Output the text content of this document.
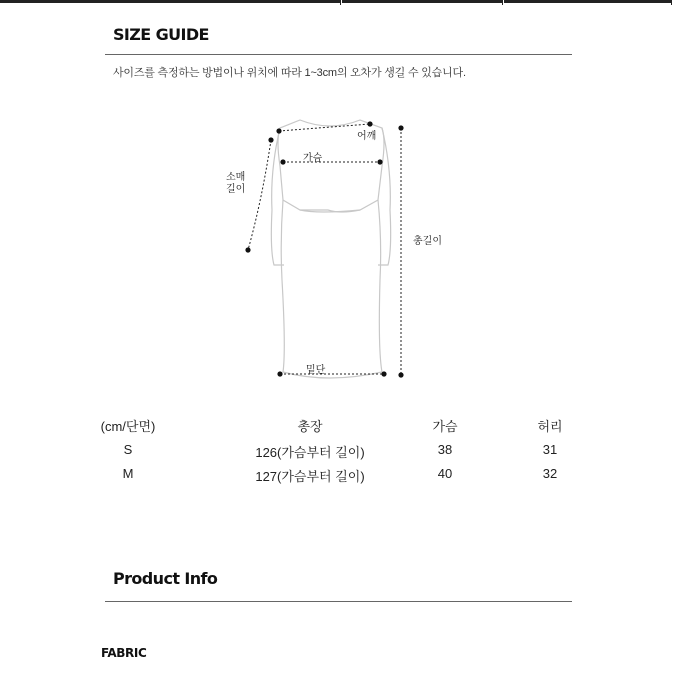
SIZE GUIDE
사이즈를 측정하는 방법이나 위치에 따라 1~3cm의 오차가 생길 수 있습니다.
어깨
가슴
소매
길이
총길이
밑단
(cm/단면)	총장	가슴	허리
S	126(가슴부터 길이)	38	31
M	127(가슴부터 길이)	40	32
Product Info
FABRIC
